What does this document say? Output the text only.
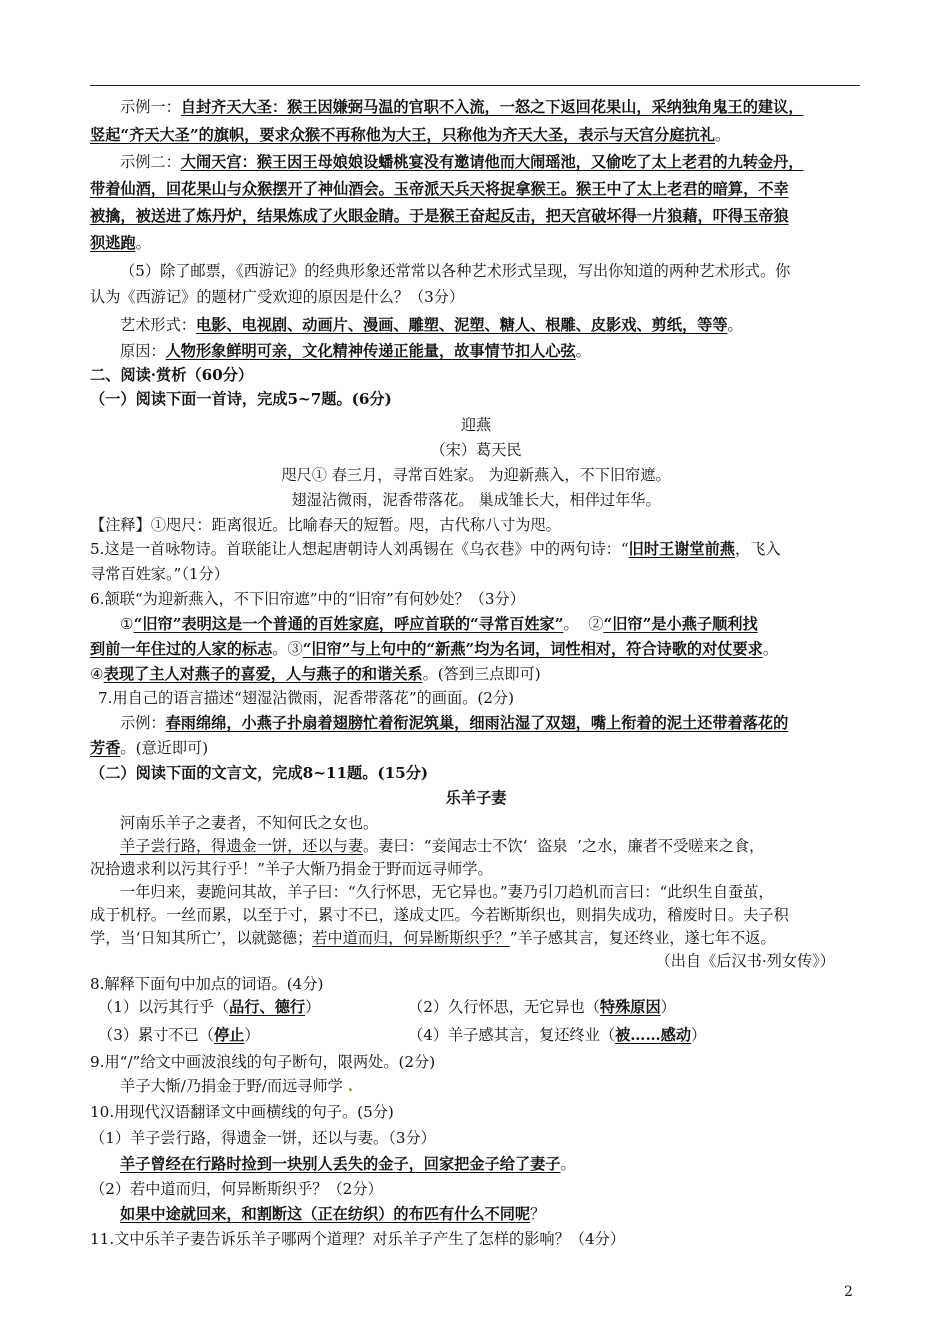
示例一：自封齐天大圣：猴王因嫌弼马温的官职不入流，一怒之下返回花果山，采纳独角鬼王的建议，
竖起“齐天大圣”的旗帜，要求众猴不再称他为大王，只称他为齐天大圣，表示与天宫分庭抗礼。
示例二：大闹天宫：猴王因王母娘娘设蟠桃宴没有邀请他而大闹瑶池，又偷吃了太上老君的九转金丹，
带着仙酒，回花果山与众猴摆开了神仙酒会。玉帝派天兵天将捉拿猴王。猴王中了太上老君的暗算，不幸
被擒，被送进了炼丹炉，结果炼成了火眼金睛。于是猴王奋起反击，把天宫破坏得一片狼藉，吓得玉帝狼
狈逃跑。
（5）除了邮票，《西游记》的经典形象还常常以各种艺术形式呈现，写出你知道的两种艺术形式。你
认为《西游记》的题材广受欢迎的原因是什么？（3分）
艺术形式：电影、电视剧、动画片、漫画、雕塑、泥塑、糖人、根雕、皮影戏、剪纸，等等。
原因：人物形象鲜明可亲，文化精神传递正能量，故事情节扣人心弦。
二、阅读·赏析（60分）
（一）阅读下面一首诗，完成5~7题。(6分)
迎燕
（宋）葛天民
咫尺① 春三月，寻常百姓家。 为迎新燕入，不下旧帘遮。
翅湿沾微雨，泥香带落花。 巢成雏长大，相伴过年华。
【注释】①咫尺：距离很近。比喻春天的短暂。咫，古代称八寸为咫。
5.这是一首咏物诗。首联能让人想起唐朝诗人刘禹锡在《乌衣巷》中的两句诗：“旧时王谢堂前燕，飞入
寻常百姓家。”（1分）
6.颔联“为迎新燕入，不下旧帘遮”中的“旧帘”有何妙处？（3分）
①“旧帘”表明这是一个普通的百姓家庭，呼应首联的“寻常百姓家”。  ②“旧帘”是小燕子顺利找
到前一年住过的人家的标志。③“旧帘”与上句中的“新燕”均为名词，词性相对，符合诗歌的对仗要求。
④表现了主人对燕子的喜爱，人与燕子的和谐关系。(答到三点即可)
7.用自己的语言描述“翅湿沾微雨，泥香带落花”的画面。(2分)
示例：春雨绵绵，小燕子扑扇着翅膀忙着衔泥筑巢，细雨沾湿了双翅，嘴上衔着的泥土还带着落花的
芳香。(意近即可)
（二）阅读下面的文言文，完成8~11题。(15分)
乐羊子妻
河南乐羊子之妻者，不知何氏之女也。
羊子尝行路，得遗金一饼，还以与妻。妻曰：“妾闻志士不饮‘  盗泉  ’之水，廉者不受嗟来之食，
况拾遗求利以污其行乎！”羊子大惭乃捐金于野而远寻师学。
一年归来，妻跪问其故，羊子曰：“久行怀思，无它异也。”妻乃引刀趋机而言曰：“此织生自蚕茧，
成于机杼。一丝而累，以至于寸，累寸不已，遂成丈匹。今若断斯织也，则捐失成功，稽废时日。夫子积
学，当‘日知其所亡’，以就懿德；若中道而归，何异断斯织乎？”羊子感其言，复还终业，遂七年不返。
（出自《后汉书·列女传》）
8.解释下面句中加点的词语。(4分)
（1）以污其行乎（品行、德行）	（2）久行怀思，无它异也（特殊原因）
（3）累寸不已（停止）	（4）羊子感其言，复还终业（被……感动）
9.用“/”给文中画波浪线的句子断句，限两处。(2分)
羊子大惭/乃捐金于野/而远寻师学 .
10.用现代汉语翻译文中画横线的句子。(5分)
（1）羊子尝行路，得遗金一饼，还以与妻。（3分）
羊子曾经在行路时捡到一块别人丢失的金子，回家把金子给了妻子。
（2）若中道而归，何异断斯织乎？（2分）
如果中途就回来，和割断这（正在纺织）的布匹有什么不同呢？
11.文中乐羊子妻告诉乐羊子哪两个道理？对乐羊子产生了怎样的影响？（4分）
2
